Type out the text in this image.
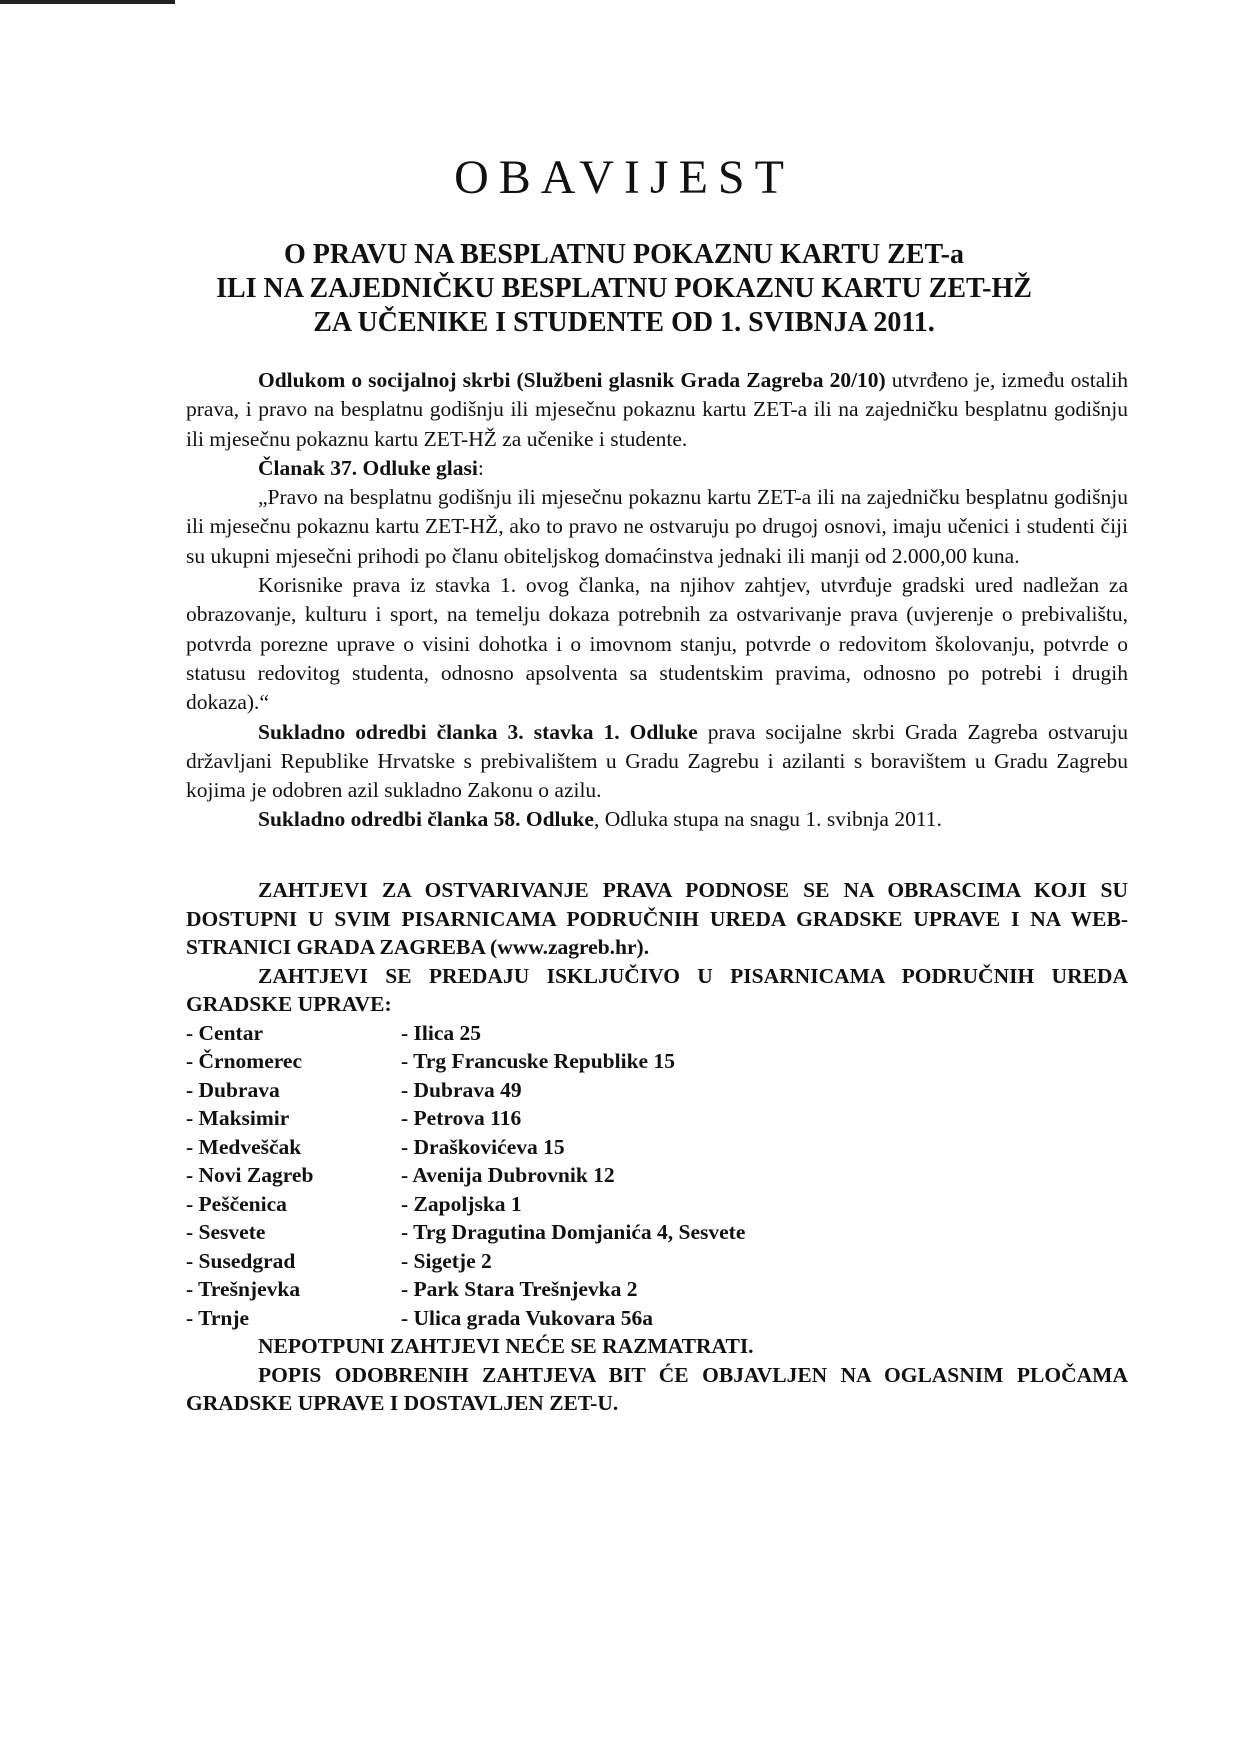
OBAVIJEST
O PRAVU NA BESPLATNU POKAZNU KARTU ZET-a
ILI NA ZAJEDNIČKU BESPLATNU POKAZNU KARTU ZET-HŽ
ZA UČENIKE I STUDENTE OD 1. SVIBNJA 2011.

Odlukom o socijalnoj skrbi (Službeni glasnik Grada Zagreba 20/10) utvrđeno je, između ostalih prava, i pravo na besplatnu godišnju ili mjesečnu pokaznu kartu ZET-a ili na zajedničku besplatnu godišnju ili mjesečnu pokaznu kartu ZET-HŽ za učenike i studente.

Članak 37. Odluke glasi:

„Pravo na besplatnu godišnju ili mjesečnu pokaznu kartu ZET-a ili na zajedničku besplatnu godišnju ili mjesečnu pokaznu kartu ZET-HŽ, ako to pravo ne ostvaruju po drugoj osnovi, imaju učenici i studenti čiji su ukupni mjesečni prihodi po članu obiteljskog domaćinstva jednaki ili manji od 2.000,00 kuna.

Korisnike prava iz stavka 1. ovog članka, na njihov zahtjev, utvrđuje gradski ured nadležan za obrazovanje, kulturu i sport, na temelju dokaza potrebnih za ostvarivanje prava (uvjerenje o prebivalištu, potvrda porezne uprave o visini dohotka i o imovnom stanju, potvrde o redovitom školovanju, potvrde o statusu redovitog studenta, odnosno apsolventa sa studentskim pravima, odnosno po potrebi i drugih dokaza).“

Sukladno odredbi članka 3. stavka 1. Odluke prava socijalne skrbi Grada Zagreba ostvaruju državljani Republike Hrvatske s prebivalištem u Gradu Zagrebu i azilanti s boravištem u Gradu Zagrebu kojima je odobren azil sukladno Zakonu o azilu.

Sukladno odredbi članka 58. Odluke, Odluka stupa na snagu 1. svibnja 2011.

ZAHTJEVI ZA OSTVARIVANJE PRAVA PODNOSE SE NA OBRASCIMA KOJI SU DOSTUPNI U SVIM PISARNICAMA PODRUČNIH UREDA GRADSKE UPRAVE I NA WEB-STRANICI GRADA ZAGREBA (www.zagreb.hr).

ZAHTJEVI SE PREDAJU ISKLJUČIVO U PISARNICAMA PODRUČNIH UREDA GRADSKE UPRAVE:

- Centar	- Ilica 25
- Črnomerec	- Trg Francuske Republike 15
- Dubrava	- Dubrava 49
- Maksimir	- Petrova 116
- Medveščak	- Draškovićeva 15
- Novi Zagreb	- Avenija Dubrovnik 12
- Peščenica	- Zapoljska 1
- Sesvete	- Trg Dragutina Domjanića 4, Sesvete
- Susedgrad	- Sigetje 2
- Trešnjevka	- Park Stara Trešnjevka 2
- Trnje	- Ulica grada Vukovara 56a

NEPOTPUNI ZAHTJEVI NEĆE SE RAZMATRATI.

POPIS ODOBRENIH ZAHTJEVA BIT ĆE OBJAVLJEN NA OGLASNIM PLOČAMA GRADSKE UPRAVE I DOSTAVLJEN ZET-U.
